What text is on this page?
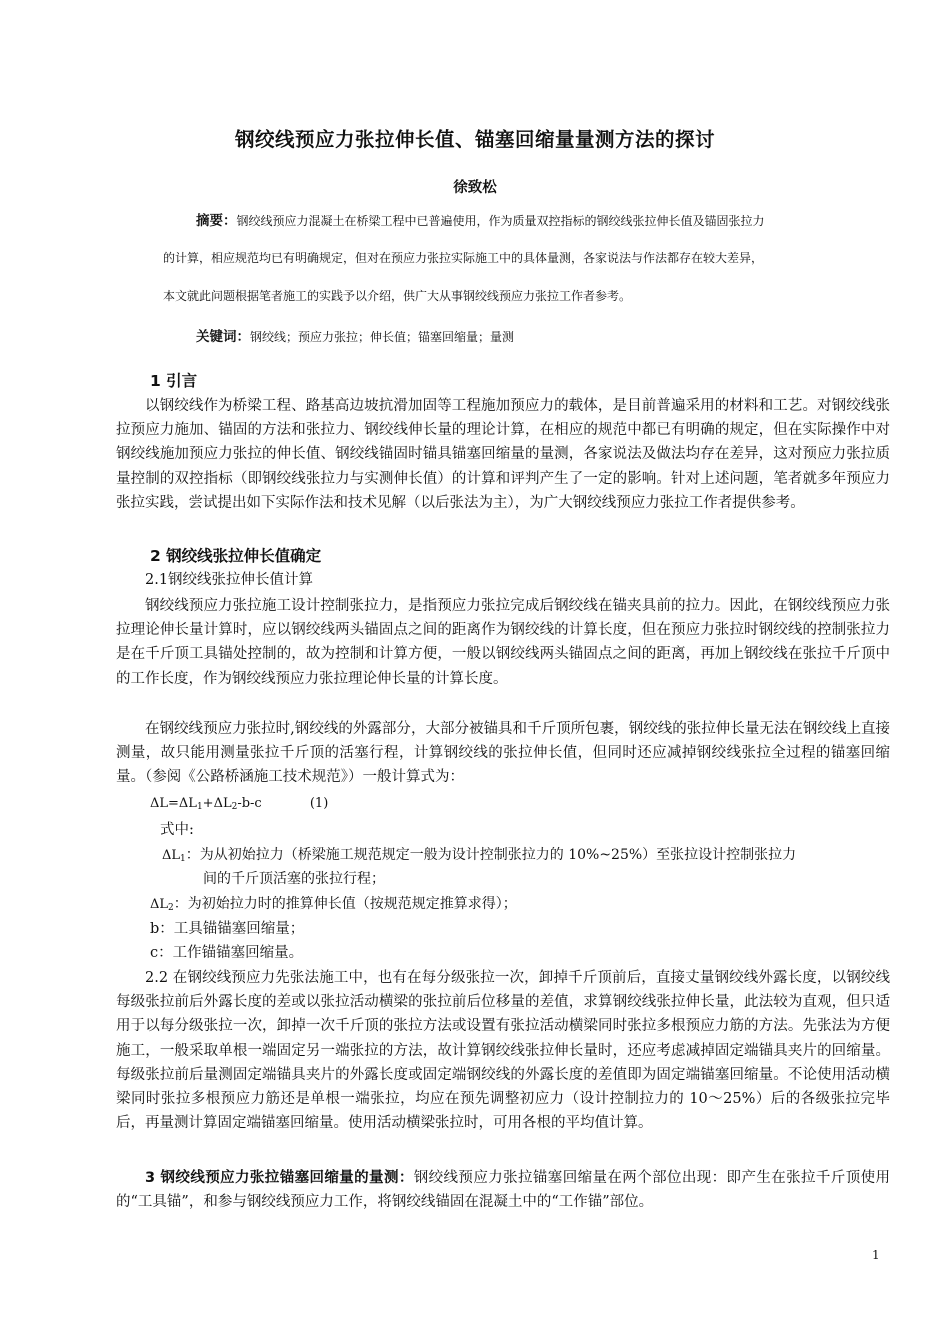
钢绞线预应力张拉伸长值、锚塞回缩量量测方法的探讨
徐致松
摘要：钢绞线预应力混凝土在桥梁工程中已普遍使用，作为质量双控指标的钢绞线张拉伸长值及锚固张拉力
的计算，相应规范均已有明确规定，但对在预应力张拉实际施工中的具体量测，各家说法与作法都存在较大差异，
本文就此问题根据笔者施工的实践予以介绍，供广大从事钢绞线预应力张拉工作者参考。
关键词：钢绞线；预应力张拉；伸长值；锚塞回缩量；量测
1 引言

以钢绞线作为桥梁工程、路基高边坡抗滑加固等工程施加预应力的载体，是目前普遍采用的材料和工艺。对钢绞线张拉预应力施加、锚固的方法和张拉力、钢绞线伸长量的理论计算，在相应的规范中都已有明确的规定，但在实际操作中对钢绞线施加预应力张拉的伸长值、钢绞线锚固时锚具锚塞回缩量的量测，各家说法及做法均存在差异，这对预应力张拉质量控制的双控指标（即钢绞线张拉力与实测伸长值）的计算和评判产生了一定的影响。针对上述问题，笔者就多年预应力张拉实践，尝试提出如下实际作法和技术见解（以后张法为主），为广大钢绞线预应力张拉工作者提供参考。

2 钢绞线张拉伸长值确定
2.1钢绞线张拉伸长值计算

钢绞线预应力张拉施工设计控制张拉力，是指预应力张拉完成后钢绞线在锚夹具前的拉力。因此，在钢绞线预应力张拉理论伸长量计算时，应以钢绞线两头锚固点之间的距离作为钢绞线的计算长度，但在预应力张拉时钢绞线的控制张拉力是在千斤顶工具锚处控制的，故为控制和计算方便，一般以钢绞线两头锚固点之间的距离，再加上钢绞线在张拉千斤顶中的工作长度，作为钢绞线预应力张拉理论伸长量的计算长度。

在钢绞线预应力张拉时,钢绞线的外露部分，大部分被锚具和千斤顶所包裹，钢绞线的张拉伸长量无法在钢绞线上直接测量，故只能用测量张拉千斤顶的活塞行程，计算钢绞线的张拉伸长值，但同时还应减掉钢绞线张拉全过程的锚塞回缩量。（参阅《公路桥涵施工技术规范》）一般计算式为：

$\Delta L=\Delta L_1+\Delta L_2-b-c$	(1)
式中:
$\Delta L_1$：为从初始拉力（桥梁施工规范规定一般为设计控制张拉力的 10%~25%）至张拉设计控制张拉力
间的千斤顶活塞的张拉行程；
$\Delta L_2$：为初始拉力时的推算伸长值（按规范规定推算求得）；
b：工具锚锚塞回缩量；
c：工作锚锚塞回缩量。

2.2 在钢绞线预应力先张法施工中，也有在每分级张拉一次，卸掉千斤顶前后，直接丈量钢绞线外露长度，以钢绞线每级张拉前后外露长度的差或以张拉活动横梁的张拉前后位移量的差值，求算钢绞线张拉伸长量，此法较为直观，但只适用于以每分级张拉一次，卸掉一次千斤顶的张拉方法或设置有张拉活动横梁同时张拉多根预应力筋的方法。先张法为方便施工，一般采取单根一端固定另一端张拉的方法，故计算钢绞线张拉伸长量时，还应考虑减掉固定端锚具夹片的回缩量。每级张拉前后量测固定端锚具夹片的外露长度或固定端钢绞线的外露长度的差值即为固定端锚塞回缩量。不论使用活动横梁同时张拉多根预应力筋还是单根一端张拉，均应在预先调整初应力（设计控制拉力的 10～25%）后的各级张拉完毕后，再量测计算固定端锚塞回缩量。使用活动横梁张拉时，可用各根的平均值计算。

3 钢绞线预应力张拉锚塞回缩量的量测：钢绞线预应力张拉锚塞回缩量在两个部位出现：即产生在张拉千斤顶使用的“工具锚”，和参与钢绞线预应力工作，将钢绞线锚固在混凝土中的“工作锚”部位。

1
